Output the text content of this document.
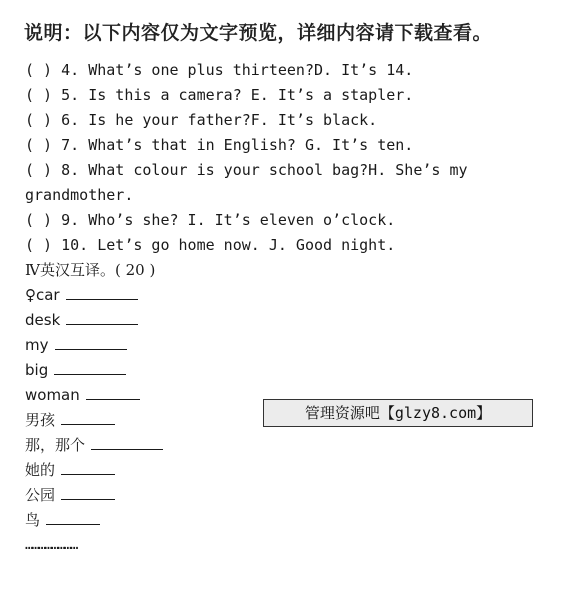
说明：以下内容仅为文字预览，详细内容请下载查看。
( ) 4. What’s one plus thirteen?D. It’s 14.
( ) 5. Is this a camera? E. It’s a stapler.
( ) 6. Is he your father?F. It’s black.
( ) 7. What’s that in English? G. It’s ten.
( ) 8. What colour is your school bag?H. She’s my
grandmother.
( ) 9. Who’s she? I. It’s eleven o’clock.
( ) 10. Let’s go home now. J. Good night.
Ⅳ英汉互译。( 20 )
♀car
desk
my
big
woman
男孩
那，那个
她的
公园
鸟
……………………
管理资源吧【glzy8.com】
